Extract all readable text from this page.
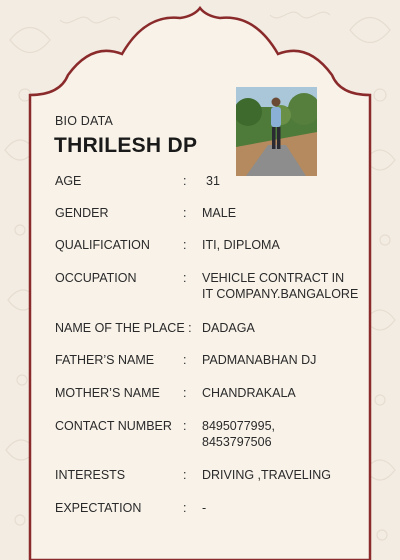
BIO DATA
THRILESH DP
AGE	: 31
GENDER	: MALE
QUALIFICATION	: ITI, DIPLOMA
OCCUPATION	: VEHICLE CONTRACT IN
IT COMPANY.BANGALORE
NAME OF THE PLACE : DADAGA
FATHER’S NAME : PADMANABHAN DJ
MOTHER’S NAME : CHANDRAKALA
CONTACT NUMBER : 8495077995,
8453797506
INTERESTS	: DRIVING ,TRAVELING
EXPECTATION	: -
